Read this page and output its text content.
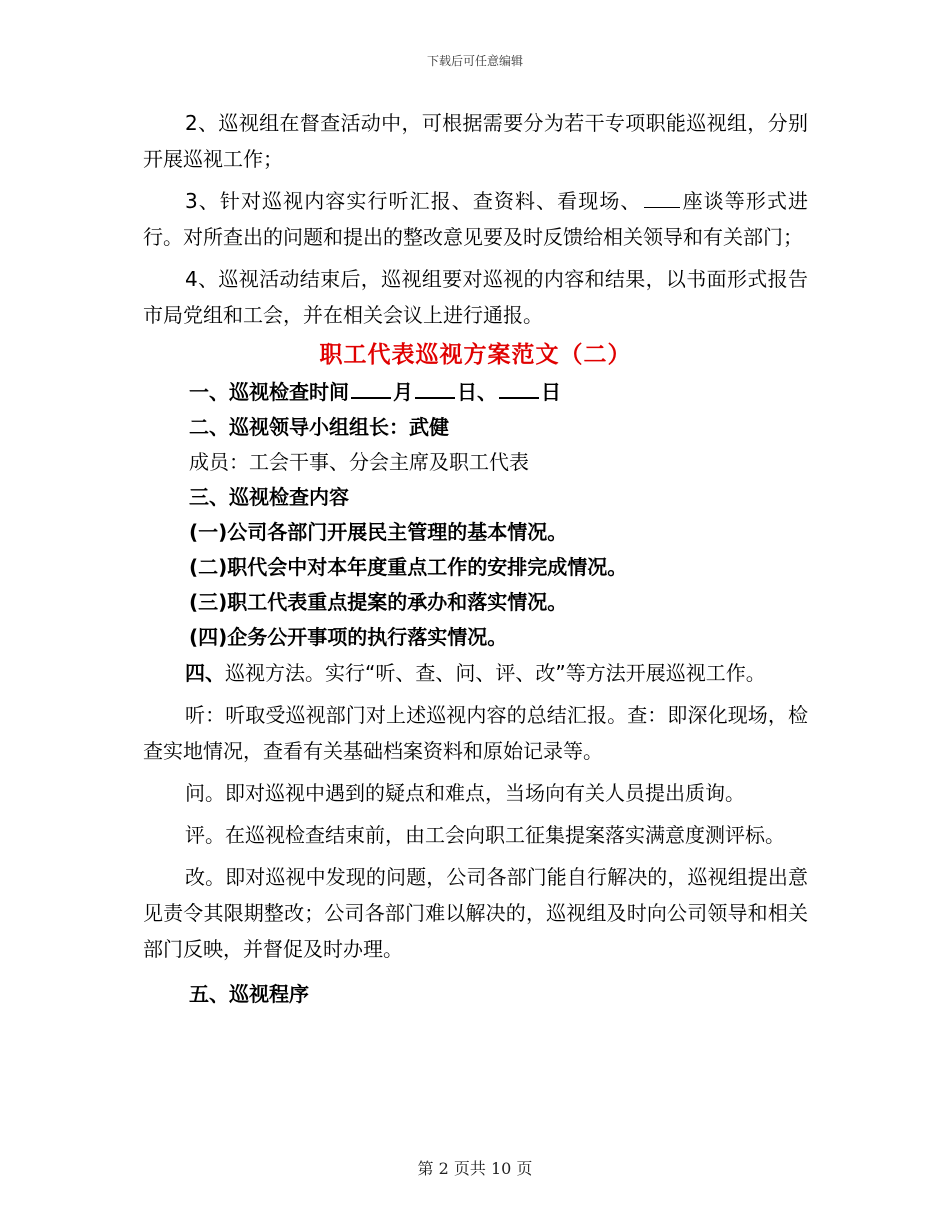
下载后可任意编辑

2、巡视组在督查活动中，可根据需要分为若干专项职能巡视组，分别开展巡视工作；

3、针对巡视内容实行听汇报、查资料、看现场、 座谈等形式进行。对所查出的问题和提出的整改意见要及时反馈给相关领导和有关部门；

4、巡视活动结束后，巡视组要对巡视的内容和结果，以书面形式报告市局党组和工会，并在相关会议上进行通报。

职工代表巡视方案范文（二）

一、巡视检查时间 月 日、 日

二、巡视领导小组组长：武健

成员：工会干事、分会主席及职工代表

三、巡视检查内容

(一)公司各部门开展民主管理的基本情况。

(二)职代会中对本年度重点工作的安排完成情况。

(三)职工代表重点提案的承办和落实情况。

(四)企务公开事项的执行落实情况。

四、巡视方法。实行“听、查、问、评、改”等方法开展巡视工作。

听：听取受巡视部门对上述巡视内容的总结汇报。查：即深化现场，检查实地情况，查看有关基础档案资料和原始记录等。

问。即对巡视中遇到的疑点和难点，当场向有关人员提出质询。

评。在巡视检查结束前，由工会向职工征集提案落实满意度测评标。

改。即对巡视中发现的问题，公司各部门能自行解决的，巡视组提出意见责令其限期整改；公司各部门难以解决的，巡视组及时向公司领导和相关部门反映，并督促及时办理。

五、巡视程序

第 2 页共 10 页
